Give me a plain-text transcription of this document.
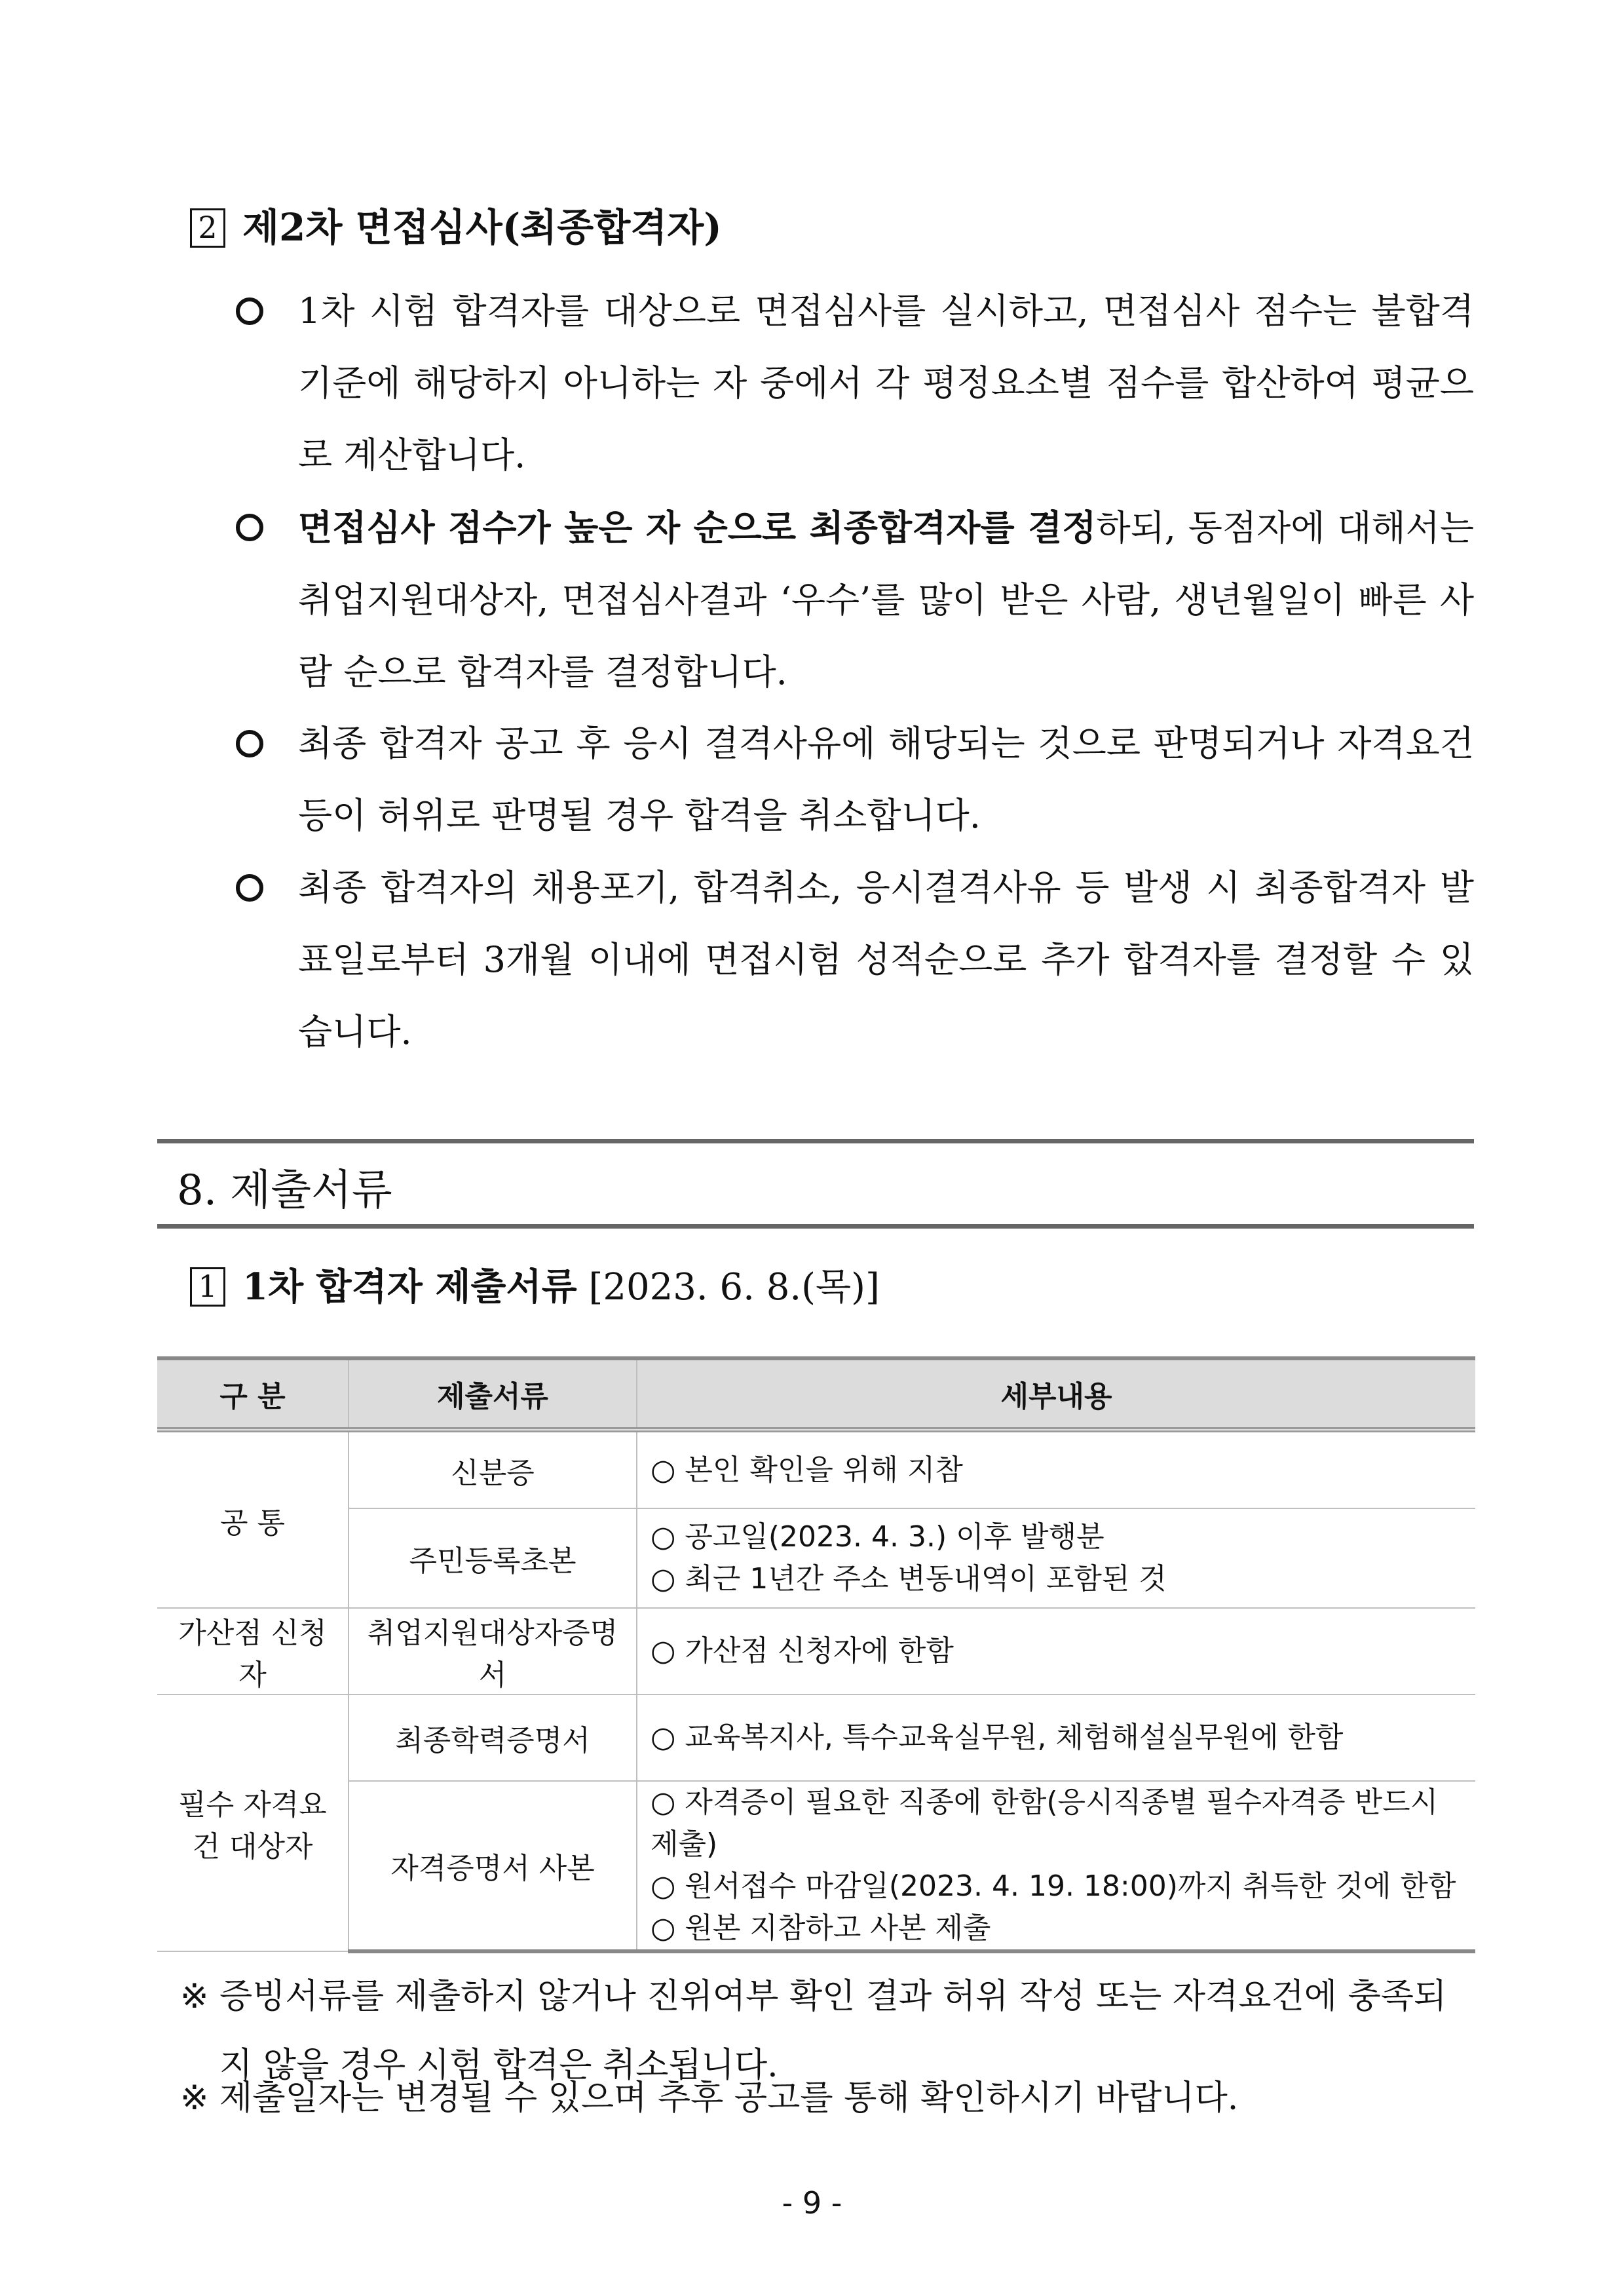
2 제2차 면접심사(최종합격자)
1차 시험 합격자를 대상으로 면접심사를 실시하고, 면접심사 점수는 불합격 기준에 해당하지 아니하는 자 중에서 각 평정요소별 점수를 합산하여 평균으로 계산합니다.
면접심사 점수가 높은 자 순으로 최종합격자를 결정하되, 동점자에 대해서는 취업지원대상자, 면접심사결과 ‘우수’를 많이 받은 사람, 생년월일이 빠른 사람 순으로 합격자를 결정합니다.
최종 합격자 공고 후 응시 결격사유에 해당되는 것으로 판명되거나 자격요건 등이 허위로 판명될 경우 합격을 취소합니다.
최종 합격자의 채용포기, 합격취소, 응시결격사유 등 발생 시 최종합격자 발표일로부터 3개월 이내에 면접시험 성적순으로 추가 합격자를 결정할 수 있습니다.
8. 제출서류
1 1차 합격자 제출서류 [2023. 6. 8.(목)]
구 분	제출서류	세부내용
공 통	신분증	○ 본인 확인을 위해 지참

	주민등록초본	○ 공고일(2023. 4. 3.) 이후 발행분
○ 최근 1년간 주소 변동내역이 포함된 것

가산점 신청자	취업지원대상자증명서	○ 가산점 신청자에 한함

필수 자격요건 대상자	최종학력증명서	○ 교육복지사, 특수교육실무원, 체험해설실무원에 한함

	자격증명서 사본	○ 자격증이 필요한 직종에 한함(응시직종별 필수자격증 반드시 제출)
○ 원서접수 마감일(2023. 4. 19. 18:00)까지 취득한 것에 한함
○ 원본 지참하고 사본 제출
※ 증빙서류를 제출하지 않거나 진위여부 확인 결과 허위 작성 또는 자격요건에 충족되지 않을 경우 시험 합격은 취소됩니다.
※ 제출일자는 변경될 수 있으며 추후 공고를 통해 확인하시기 바랍니다.
- 9 -
